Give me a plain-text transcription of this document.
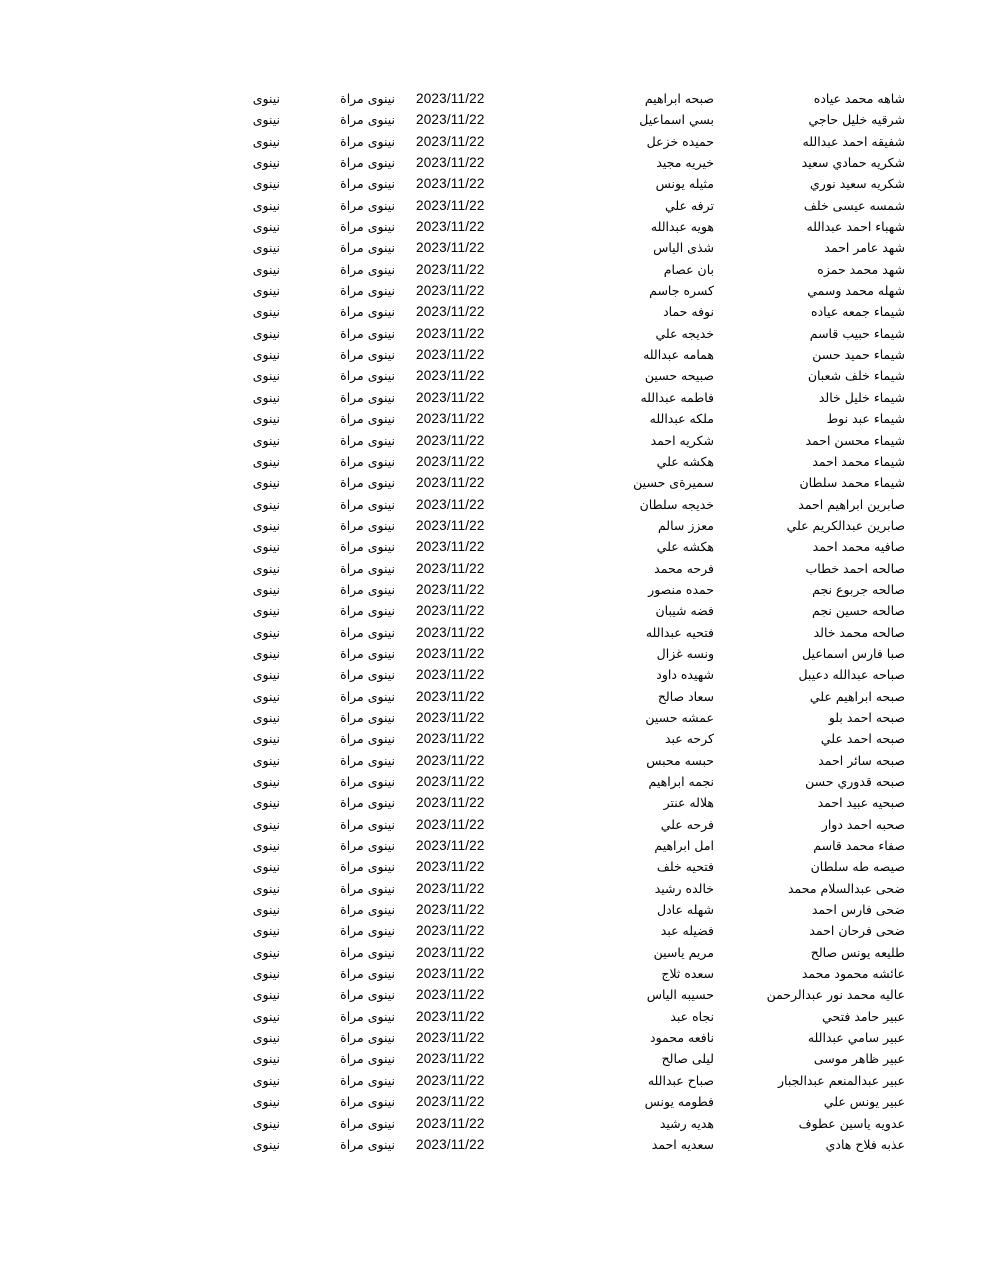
شاهه محمد عياده
صبحه ابراهيم
2023/11/22
نينوى مراة
نينوى
شرقيه خليل حاجي
بسي اسماعيل
2023/11/22
نينوى مراة
نينوى
شفيقه احمد عبدالله
حميده خزعل
2023/11/22
نينوى مراة
نينوى
شكريه حمادي سعيد
خيريه مجيد
2023/11/22
نينوى مراة
نينوى
شكريه سعيد نوري
مثيله يونس
2023/11/22
نينوى مراة
نينوى
شمسه عيسى خلف
ترفه علي
2023/11/22
نينوى مراة
نينوى
شهباء احمد عبدالله
هويه عبدالله
2023/11/22
نينوى مراة
نينوى
شهد عامر احمد
شذى الياس
2023/11/22
نينوى مراة
نينوى
شهد محمد حمزه
بان عصام
2023/11/22
نينوى مراة
نينوى
شهله محمد وسمي
كسره جاسم
2023/11/22
نينوى مراة
نينوى
شيماء جمعه عياده
نوفه حماد
2023/11/22
نينوى مراة
نينوى
شيماء حبيب قاسم
خديجه علي
2023/11/22
نينوى مراة
نينوى
شيماء حميد حسن
همامه عبدالله
2023/11/22
نينوى مراة
نينوى
شيماء خلف شعبان
صبيحه حسين
2023/11/22
نينوى مراة
نينوى
شيماء خليل خالد
فاطمه عبدالله
2023/11/22
نينوى مراة
نينوى
شيماء عبد نوط
ملكه عبدالله
2023/11/22
نينوى مراة
نينوى
شيماء محسن احمد
شكريه احمد
2023/11/22
نينوى مراة
نينوى
شيماء محمد احمد
هكشه علي
2023/11/22
نينوى مراة
نينوى
شيماء محمد سلطان
سميرةى حسين
2023/11/22
نينوى مراة
نينوى
صابرين ابراهيم احمد
خديجه سلطان
2023/11/22
نينوى مراة
نينوى
صابرين عبدالكريم علي
معزز سالم
2023/11/22
نينوى مراة
نينوى
صافيه محمد احمد
هكشه علي
2023/11/22
نينوى مراة
نينوى
صالحه احمد خطاب
فرحه محمد
2023/11/22
نينوى مراة
نينوى
صالحه جربوع نجم
حمده منصور
2023/11/22
نينوى مراة
نينوى
صالحه حسين نجم
فضه شيبان
2023/11/22
نينوى مراة
نينوى
صالحه محمد خالد
فتحيه عبدالله
2023/11/22
نينوى مراة
نينوى
صبا فارس اسماعيل
ونسه غزال
2023/11/22
نينوى مراة
نينوى
صباحه عبدالله دعيبل
شهيده داود
2023/11/22
نينوى مراة
نينوى
صبحه ابراهيم علي
سعاد صالح
2023/11/22
نينوى مراة
نينوى
صبحه احمد بلو
عمشه حسين
2023/11/22
نينوى مراة
نينوى
صبحه احمد علي
كرحه عبد
2023/11/22
نينوى مراة
نينوى
صبحه سائر احمد
حبسه محبس
2023/11/22
نينوى مراة
نينوى
صبحه قدوري حسن
نجمه ابراهيم
2023/11/22
نينوى مراة
نينوى
صبحيه عبيد احمد
هلاله عنتر
2023/11/22
نينوى مراة
نينوى
صحبه احمد دوار
فرحه علي
2023/11/22
نينوى مراة
نينوى
صفاء محمد قاسم
امل ابراهيم
2023/11/22
نينوى مراة
نينوى
صيصه طه سلطان
فتحيه خلف
2023/11/22
نينوى مراة
نينوى
ضحى عبدالسلام محمد
خالده رشيد
2023/11/22
نينوى مراة
نينوى
ضحى فارس احمد
شهله عادل
2023/11/22
نينوى مراة
نينوى
ضحى فرحان احمد
فضيله عبد
2023/11/22
نينوى مراة
نينوى
طليعه يونس صالح
مريم ياسين
2023/11/22
نينوى مراة
نينوى
عائشه محمود محمد
سعده ثلاج
2023/11/22
نينوى مراة
نينوى
عاليه محمد نور عبدالرحمن
حسيبه الياس
2023/11/22
نينوى مراة
نينوى
عبير حامد فتحي
نجاه عبد
2023/11/22
نينوى مراة
نينوى
عبير سامي عبدالله
نافعه محمود
2023/11/22
نينوى مراة
نينوى
عبير ظاهر موسى
ليلى صالح
2023/11/22
نينوى مراة
نينوى
عبير عبدالمنعم عبدالجبار
صباح عبدالله
2023/11/22
نينوى مراة
نينوى
عبير يونس علي
فطومه يونس
2023/11/22
نينوى مراة
نينوى
عدويه ياسين عطوف
هديه رشيد
2023/11/22
نينوى مراة
نينوى
عذبه فلاح هادي
سعديه احمد
2023/11/22
نينوى مراة
نينوى
